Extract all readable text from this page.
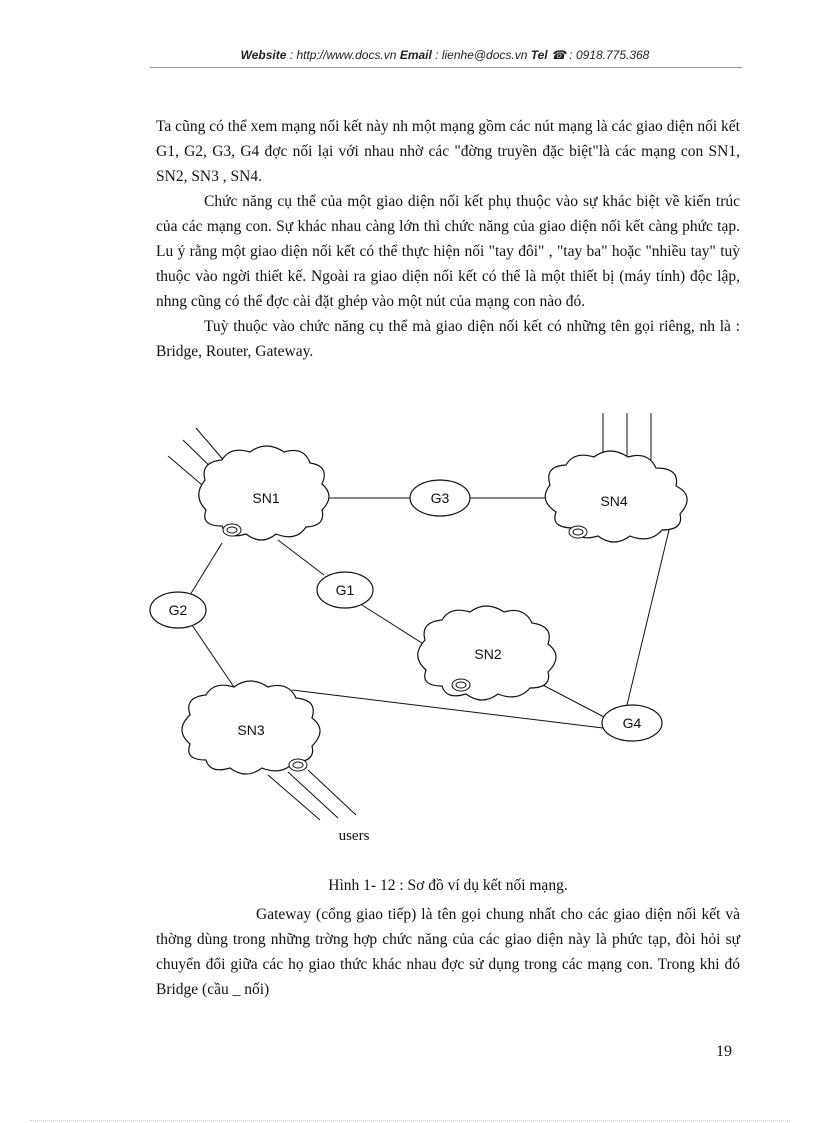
Website : http://www.docs.vn Email : lienhe@docs.vn Tel ☎ : 0918.775.368

Ta cũng có thể xem mạng nối kết này nh một mạng gồm các nút mạng là các giao diện nối kết G1, G2, G3, G4 đợc nối lại với nhau nhờ các "đờng truyền đặc biệt"là các mạng con SN1, SN2, SN3 , SN4.

Chức năng cụ thể của một giao diện nối kết phụ thuộc vào sự khác biệt về kiến trúc của các mạng con. Sự khác nhau càng lớn thì chức năng của giao diện nối kết càng phức tạp. Lu ý rằng một giao diện nối kết có thể thực hiện nối "tay đôi" , "tay ba" hoặc "nhiều tay" tuỳ thuộc vào ngời thiết kế. Ngoài ra giao diện nối kết có thể là một thiết bị (máy tính) độc lập, nhng cũng có thể đợc cài đặt ghép vào một nút của mạng con nào đó.

Tuỳ thuộc vào chức năng cụ thể mà giao diện nối kết có những tên gọi riêng, nh là : Bridge, Router, Gateway.

SN1	SN4
SN2
SN3
G3
G1
G2
G4
users

Hình 1- 12 : Sơ đồ ví dụ kết nối mạng.

Gateway (cổng giao tiếp) là tên gọi chung nhất cho các giao diện nối kết và thờng dùng trong những trờng hợp chức năng của các giao diện này là phức tạp, đòi hỏi sự chuyển đổi giữa các họ giao thức khác nhau đợc sử dụng trong các mạng con. Trong khi đó Bridge (cầu _ nối)

19
